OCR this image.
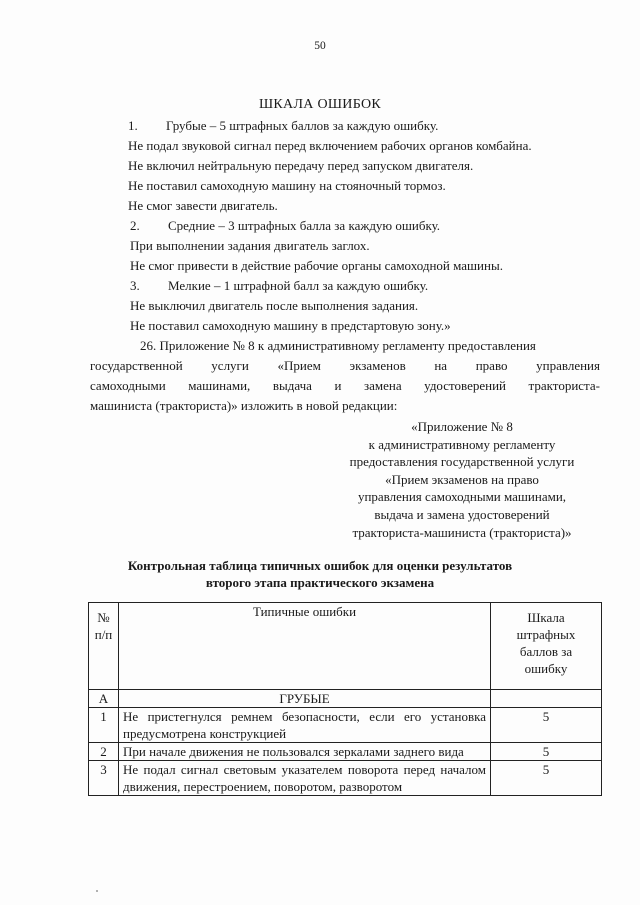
50
ШКАЛА ОШИБОК
1. Грубые – 5 штрафных баллов за каждую ошибку.
Не подал звуковой сигнал перед включением рабочих органов комбайна.
Не включил нейтральную передачу перед запуском двигателя.
Не поставил самоходную машину на стояночный тормоз.
Не смог завести двигатель.
2. Средние – 3 штрафных балла за каждую ошибку.
При выполнении задания двигатель заглох.
Не смог привести в действие рабочие органы самоходной машины.
3. Мелкие – 1 штрафной балл за каждую ошибку.
Не выключил двигатель после выполнения задания.
Не поставил самоходную машину в предстартовую зону.»
26. Приложение № 8 к административному регламенту предоставления
государственной услуги «Прием экзаменов на право управления
самоходными машинами, выдача и замена удостоверений тракториста-
машиниста (тракториста)» изложить в новой редакции:
«Приложение № 8
к административному регламенту
предоставления государственной услуги
«Прием экзаменов на право
управления самоходными машинами,
выдача и замена удостоверений
тракториста-машиниста (тракториста)»
Контрольная таблица типичных ошибок для оценки результатов
второго этапа практического экзамена
№ п/п	Типичные ошибки	Шкала штрафных баллов за ошибку
А	ГРУБЫЕ	
1	Не пристегнулся ремнем безопасности, если его установка предусмотрена конструкцией	5
2	При начале движения не пользовался зеркалами заднего вида	5
3	Не подал сигнал световым указателем поворота перед началом движения, перестроением, поворотом, разворотом	5
